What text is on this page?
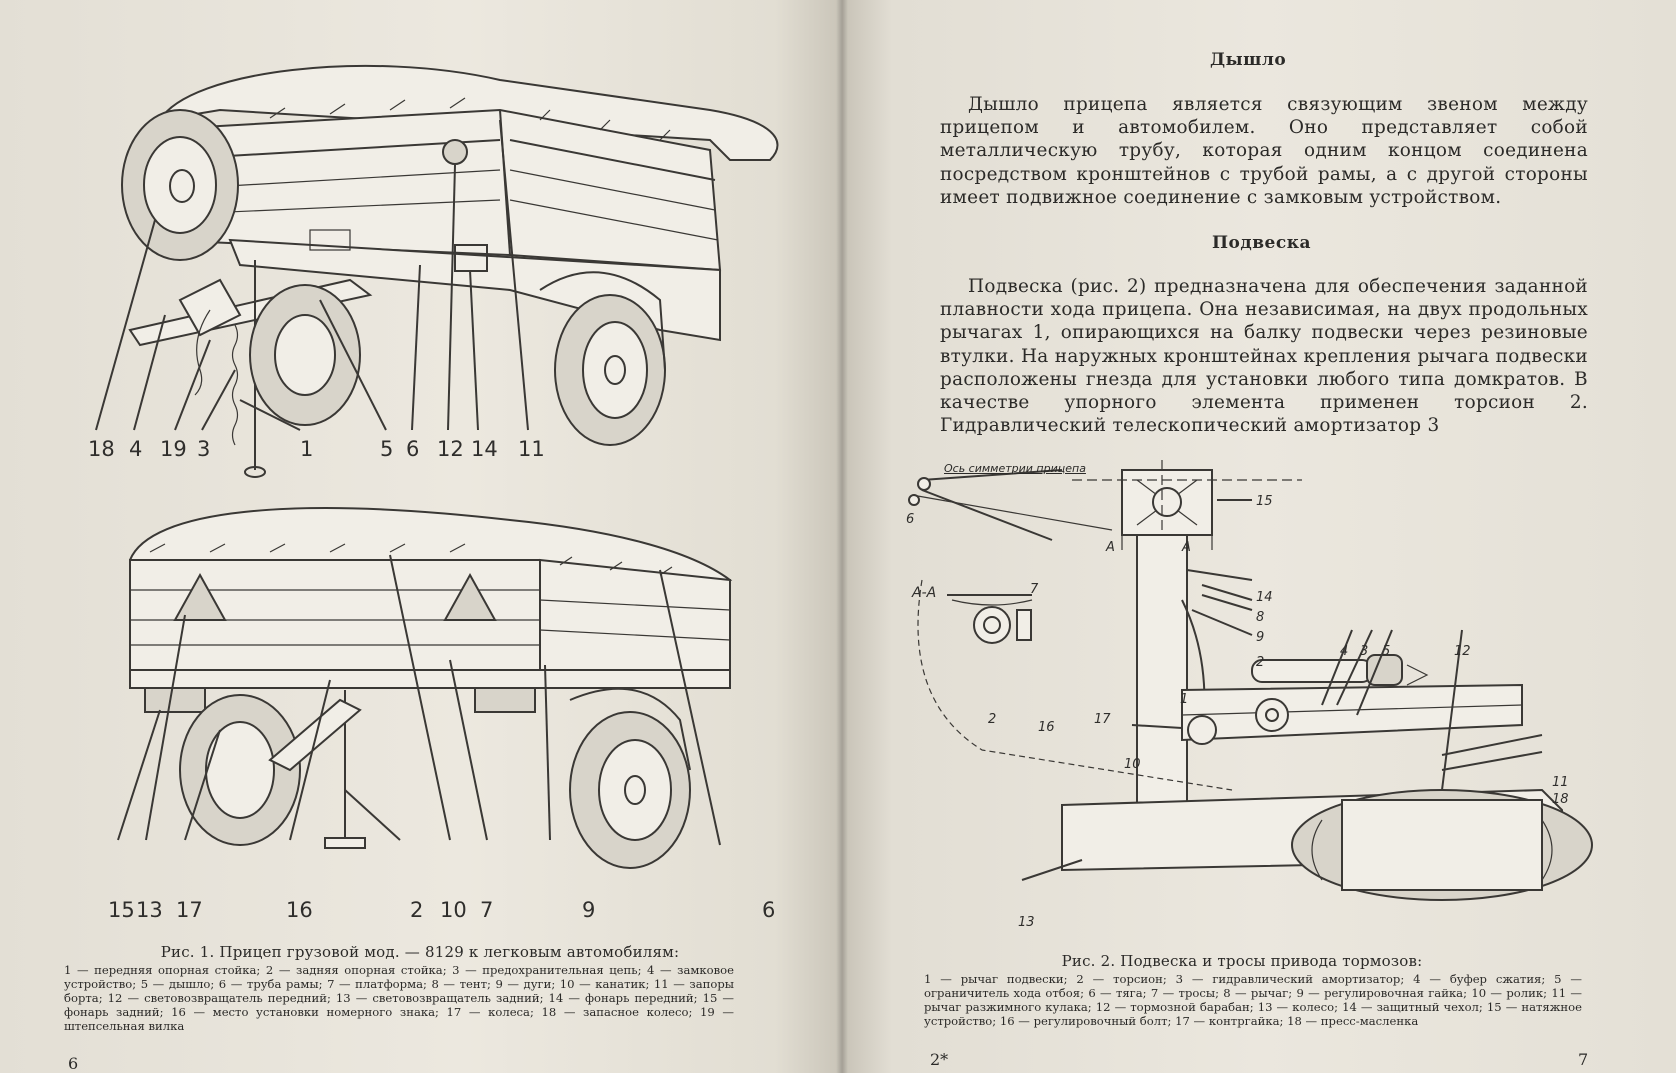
18 4 19 3	1	5 6 12 14 11
15 13 17	16	2 10 7	9	6
Рис. 1. Прицеп грузовой мод. — 8129 к легковым автомобилям:
1 — передняя опорная стойка; 2 — задняя опорная стойка; 3 — предохранительная цепь; 4 — замковое устройство; 5 — дышло; 6 — труба рамы; 7 — платформа; 8 — тент; 9 — дуги; 10 — канатик; 11 — запоры борта; 12 — световозвращатель передний; 13 — световозвращатель задний; 14 — фонарь передний; 15 — фонарь задний; 16 — место установки номерного знака; 17 — колеса; 18 — запасное колесо; 19 — штепсельная вилка
6
Дышло
Дышло прицепа является связующим звеном между прицепом и автомобилем. Оно представляет собой металлическую трубу, которая одним концом соединена посредством кронштейнов с трубой рамы, а с другой стороны имеет подвижное соединение с замковым устройством.
Подвеска
Подвеска (рис. 2) предназначена для обеспечения заданной плавности хода прицепа. Она независимая, на двух продольных рычагах 1, опирающихся на балку подвески через резиновые втулки. На наружных кронштейнах крепления рычага подвески расположены гнезда для установки любого типа домкратов. В качестве упорного элемента применен торсион 2. Гидравлический телескопический амортизатор 3
Ось симметрии прицепа
А-А
А	А
6
15
7
14
8
9
2
4 3 5	12
1
10
11
18
13
2
16
17
Рис. 2. Подвеска и тросы привода тормозов:
1 — рычаг подвески; 2 — торсион; 3 — гидравлический амортизатор; 4 — буфер сжатия; 5 — ограничитель хода отбоя; 6 — тяга; 7 — тросы; 8 — рычаг; 9 — регулировочная гайка; 10 — ролик; 11 — рычаг разжимного кулака; 12 — тормозной барабан; 13 — колесо; 14 — защитный чехол; 15 — натяжное устройство; 16 — регулировочный болт; 17 — контргайка; 18 — пресс-масленка
2*	7
